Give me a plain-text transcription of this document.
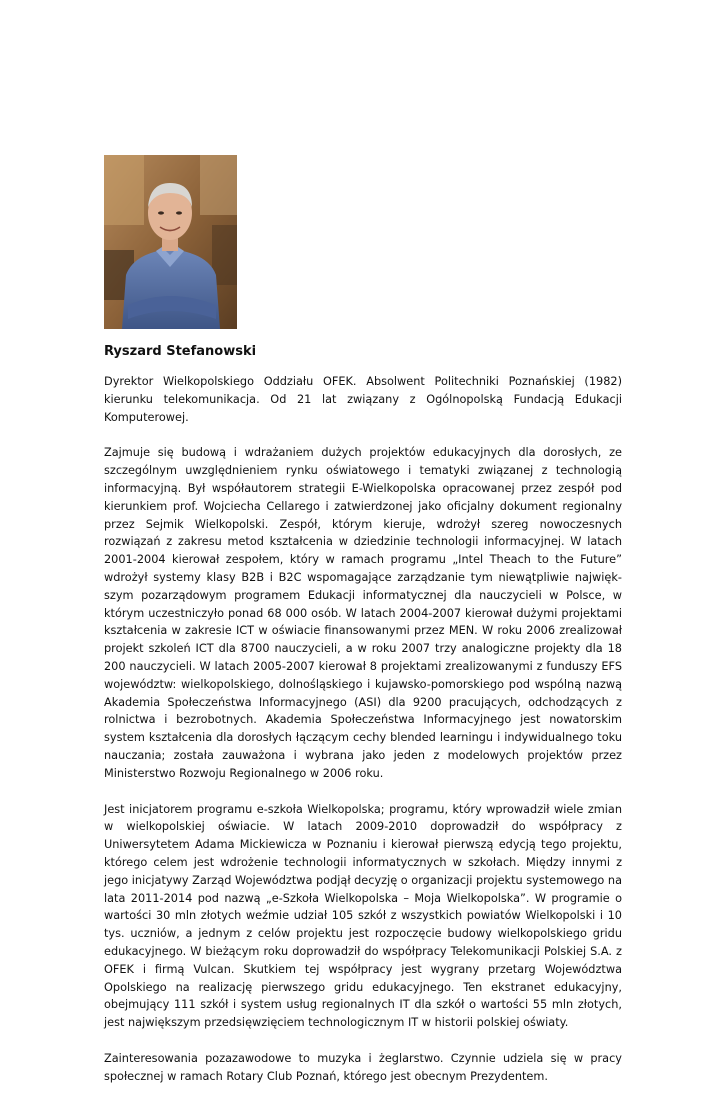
Ryszard Stefanowski

Dyrektor Wielkopolskiego Oddziału OFEK. Absolwent Politechniki Poznańskiej (1982) kierunku telekomunikacja. Od 21 lat związany z Ogólnopolską Fundacją Edukacji Komputerowej.

Zajmuje się budową i wdrażaniem dużych projektów edukacyjnych dla dorosłych, ze szczególnym uwzględnieniem rynku oświatowego i tematyki związanej z technologią informacyjną. Był współautorem strategii E-Wielkopolska opracowanej przez zespół pod kierunkiem prof. Wojciecha Cellarego i zatwierdzonej jako oficjalny dokument regionalny przez Sejmik Wielkopolski. Zespół, którym kieruje, wdrożył szereg nowoczesnych rozwiązań z zakresu metod kształcenia w dziedzinie technologii informacyjnej. W latach 2001-2004 kierował zespołem, który w ramach programu „Intel Theach to the Future” wdrożył systemy klasy B2B i B2C wspomagające zarządzanie tym niewątpliwie największym pozarządowym programem Edukacji informatycznej dla nauczycieli w Polsce, w którym uczestniczyło ponad 68 000 osób. W latach 2004-2007 kierował dużymi projektami kształcenia w zakresie ICT w oświacie finansowanymi przez MEN. W roku 2006 zrealizował projekt szkoleń ICT dla 8700 nauczycieli, a w roku 2007 trzy analogiczne projekty dla 18 200 nauczycieli. W latach 2005-2007 kierował 8 projektami zrealizowanymi z funduszy EFS województw: wielkopolskiego, dolnośląskiego i kujawsko-pomorskiego pod wspólną nazwą Akademia Społeczeństwa Informacyjnego (ASI) dla 9200 pracujących, odchodzących z rolnictwa i bezrobotnych. Akademia Społeczeństwa Informacyjnego jest nowatorskim system kształcenia dla dorosłych łączącym cechy blended learningu i indywidualnego toku nauczania; została zauważona i wybrana jako jeden z modelowych projektów przez Ministerstwo Rozwoju Regionalnego w 2006 roku.

Jest inicjatorem programu e-szkoła Wielkopolska; programu, który wprowadził wiele zmian w wielkopolskiej oświacie. W latach 2009-2010 doprowadził do współpracy z Uniwersytetem Adama Mickiewicza w Poznaniu i kierował pierwszą edycją tego projektu, którego celem jest wdrożenie technologii informatycznych w szkołach. Między innymi z jego inicjatywy Zarząd Województwa podjął decyzję o organizacji projektu systemowego na lata 2011-2014 pod nazwą „e-Szkoła Wielkopolska – Moja Wielkopolska”. W programie o wartości 30 mln złotych weźmie udział 105 szkół z wszystkich powiatów Wielkopolski i 10 tys. uczniów, a jednym z celów projektu jest rozpoczęcie budowy wielkopolskiego gridu edukacyjnego. W bieżącym roku doprowadził do współpracy Telekomunikacji Polskiej S.A. z OFEK i firmą Vulcan. Skutkiem tej współpracy jest wygrany przetarg Województwa Opolskiego na realizację pierwszego gridu edukacyjnego. Ten ekstranet edukacyjny, obejmujący 111 szkół i system usług regionalnych IT dla szkół o wartości 55 mln złotych, jest największym przedsięwzięciem technologicznym IT w historii polskiej oświaty.

Zainteresowania pozazawodowe to muzyka i żeglarstwo. Czynnie udziela się w pracy społecznej w ramach Rotary Club Poznań, którego jest obecnym Prezydentem.
